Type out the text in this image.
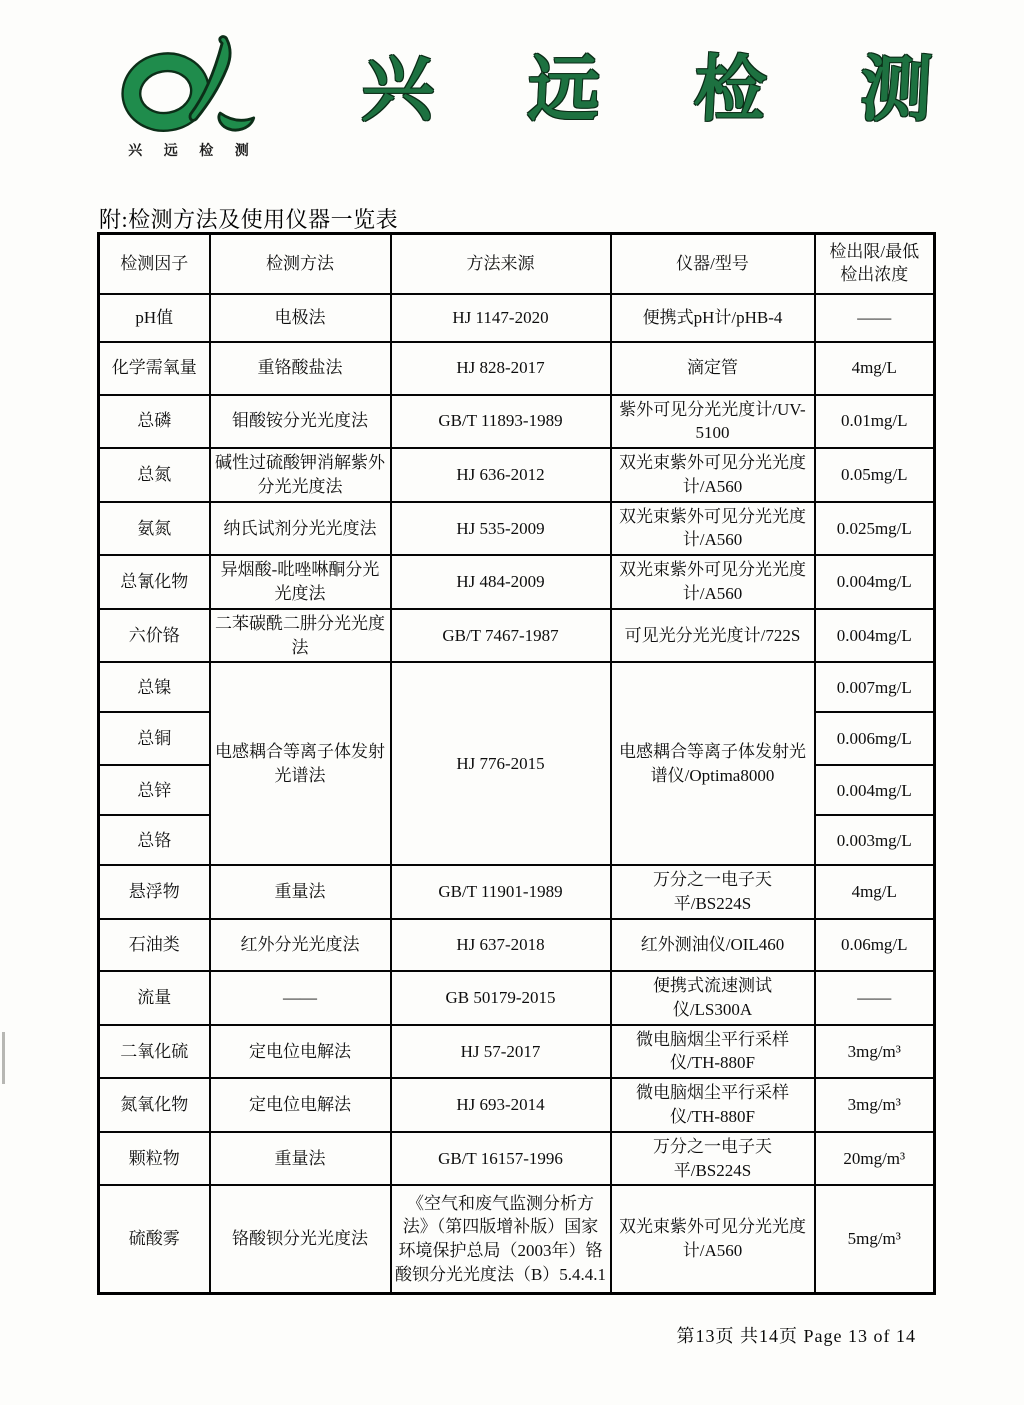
兴 远 检 测
兴 远 检 测
附:检测方法及使用仪器一览表
检测因子	检测方法	方法来源	仪器/型号	检出限/最低
检出浓度

pH值	电极法	HJ 1147-2020	便携式pH计/pHB-4	——
化学需氧量	重铬酸盐法	HJ 828-2017	滴定管	4mg/L
总磷	钼酸铵分光光度法	GB/T 11893-1989	紫外可见分光光度计/UV-5100	0.01mg/L
总氮	碱性过硫酸钾消解紫外分光光度法	HJ 636-2012	双光束紫外可见分光光度计/A560	0.05mg/L
氨氮	纳氏试剂分光光度法	HJ 535-2009	双光束紫外可见分光光度计/A560	0.025mg/L
总氰化物	异烟酸-吡唑啉酮分光光度法	HJ 484-2009	双光束紫外可见分光光度计/A560	0.004mg/L
六价铬	二苯碳酰二肼分光光度法	GB/T 7467-1987	可见光分光光度计/722S	0.004mg/L
总镍	电感耦合等离子体发射光谱法	HJ 776-2015	电感耦合等离子体发射光谱仪/Optima8000	0.007mg/L
总铜				0.006mg/L
总锌				0.004mg/L
总铬				0.003mg/L
悬浮物	重量法	GB/T 11901-1989	万分之一电子天平/BS224S	4mg/L
石油类	红外分光光度法	HJ 637-2018	红外测油仪/OIL460	0.06mg/L
流量	——	GB 50179-2015	便携式流速测试仪/LS300A	——
二氧化硫	定电位电解法	HJ 57-2017	微电脑烟尘平行采样仪/TH-880F	3mg/m³
氮氧化物	定电位电解法	HJ 693-2014	微电脑烟尘平行采样仪/TH-880F	3mg/m³
颗粒物	重量法	GB/T 16157-1996	万分之一电子天平/BS224S	20mg/m³
硫酸雾	铬酸钡分光光度法	《空气和废气监测分析方法》（第四版增补版）国家环境保护总局（2003年）铬酸钡分光光度法（B）5.4.4.1	双光束紫外可见分光光度计/A560	5mg/m³
第13页 共14页 Page 13 of 14
